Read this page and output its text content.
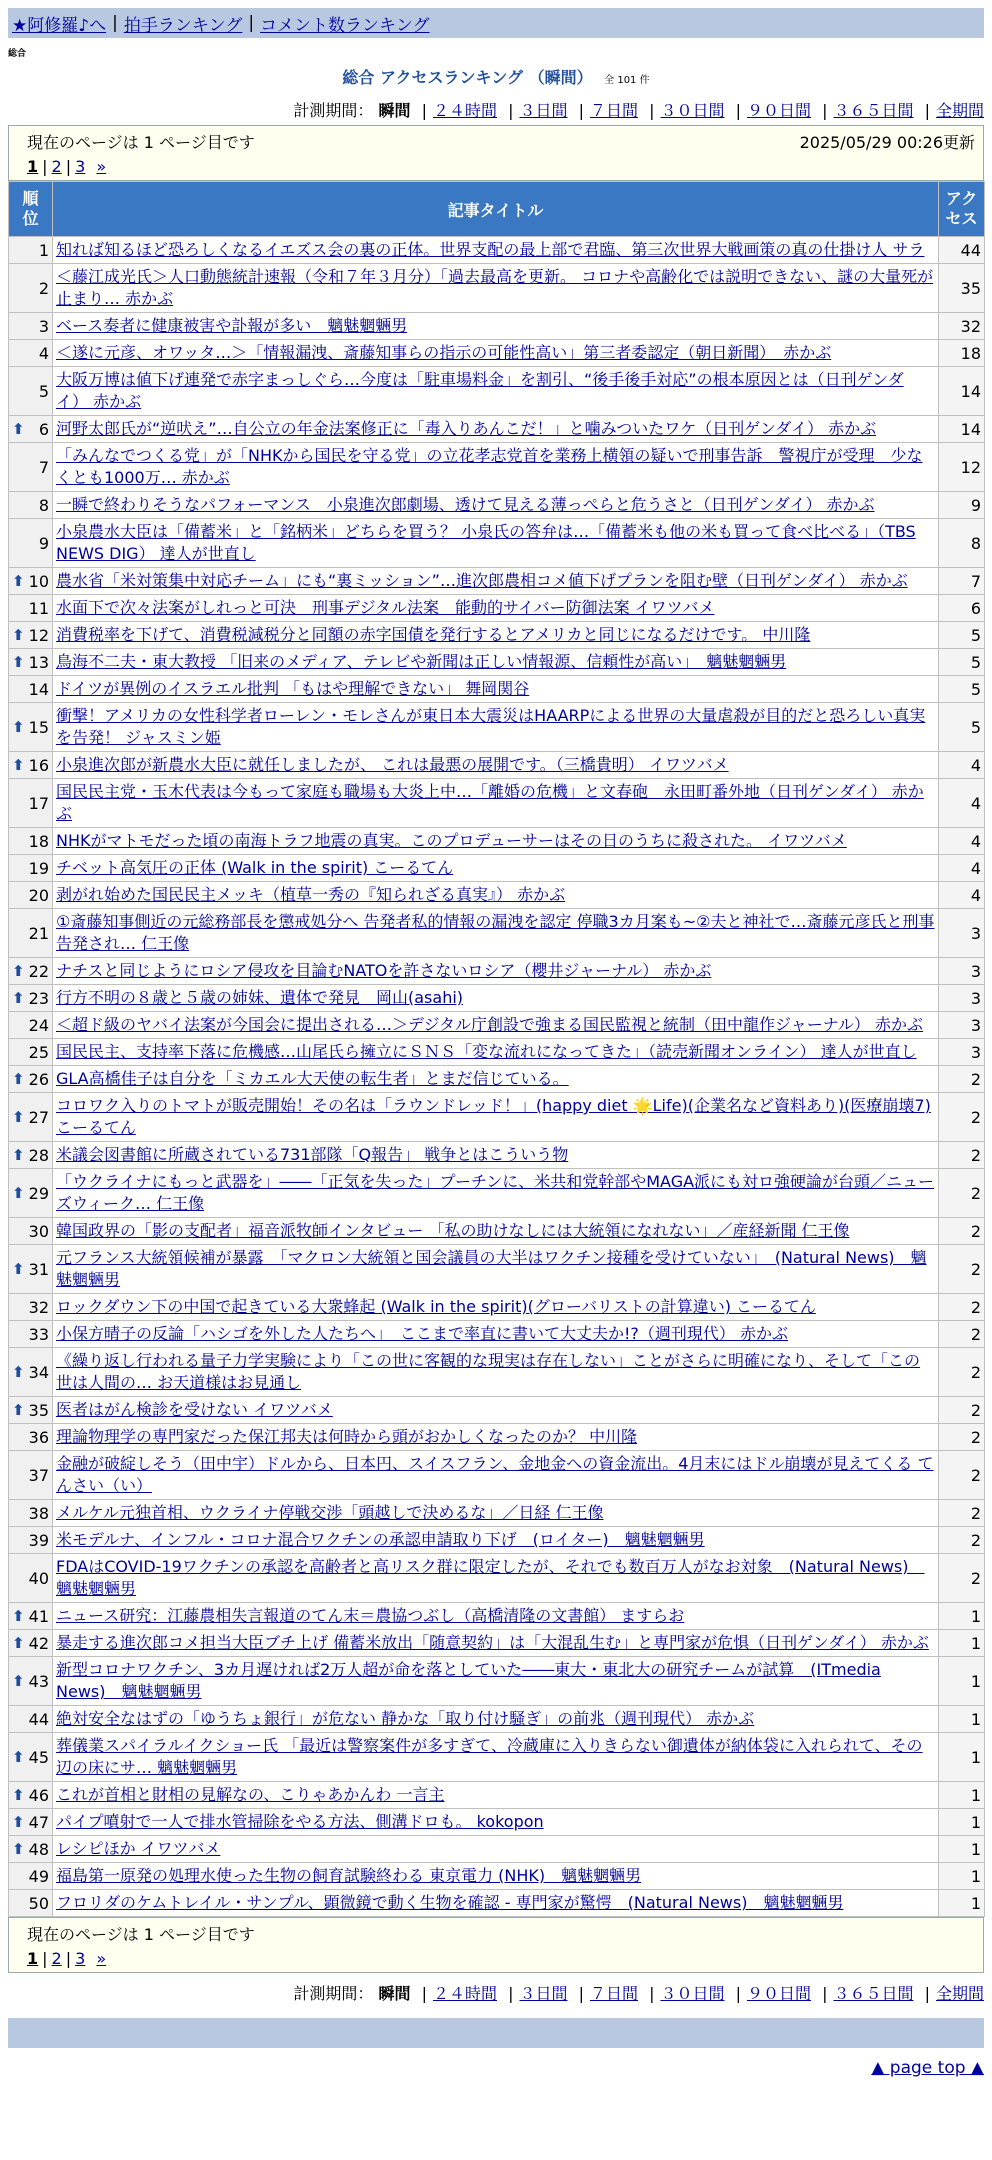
★阿修羅♪へ | 拍手ランキング | コメント数ランキング
総合
総合 アクセスランキング （瞬間） 全 101 件
計測期間： 瞬間 | ２４時間 | ３日間 | ７日間 | ３０日間 | ９０日間 | ３６５日間 | 全期間
現在のページは 1 ページ目です	2025/05/29 00:26更新
1 | 2 | 3 »
順位	記事タイトル	アクセス
1	知れば知るほど恐ろしくなるイエズス会の裏の正体。世界支配の最上部で君臨、第三次世界大戦画策の真の仕掛け人 サラ	44
2	＜藤江成光氏＞人口動態統計速報（令和７年３月分）「過去最高を更新。 コロナや高齢化では説明できない、謎の大量死が止まり… 赤かぶ	35
3	ベース奏者に健康被害や訃報が多い　魑魅魍魎男	32
4	＜遂に元彦、オワッタ…＞「情報漏洩、斎藤知事らの指示の可能性高い」第三者委認定（朝日新聞）　赤かぶ	18
5	大阪万博は値下げ連発で赤字まっしぐら…今度は「駐車場料金」を割引、“後手後手対応”の根本原因とは（日刊ゲンダイ） 赤かぶ	14

⬆ 6	河野太郎氏が“逆吠え”…自公立の年金法案修正に「毒入りあんこだ！」と噛みついたワケ（日刊ゲンダイ） 赤かぶ	14
7	「みんなでつくる党」が「NHKから国民を守る党」の立花孝志党首を業務上横領の疑いで刑事告訴　警視庁が受理　少なくとも1000万… 赤かぶ	12
8	一瞬で終わりそうなパフォーマンス　小泉進次郎劇場、透けて見える薄っぺらと危うさと（日刊ゲンダイ） 赤かぶ	9
9	小泉農水大臣は「備蓄米」と「銘柄米」どちらを買う？ 小泉氏の答弁は…「備蓄米も他の米も買って食べ比べる」（TBS NEWS DIG） 達人が世直し	8

⬆ 10	農水省「米対策集中対応チーム」にも“裏ミッション”…進次郎農相コメ値下げプランを阻む壁（日刊ゲンダイ） 赤かぶ	7
11	水面下で次々法案がしれっと可決　刑事デジタル法案　能動的サイバー防御法案 イワツバメ	6

⬆ 12	消費税率を下げて、消費税減税分と同額の赤字国債を発行するとアメリカと同じになるだけです。 中川隆	5

⬆ 13	鳥海不二夫・東大教授 「旧来のメディア、テレビや新聞は正しい情報源、信頼性が高い」　魑魅魍魎男	5
14	ドイツが異例のイスラエル批判 「もはや理解できない」 舞岡関谷	5

⬆ 15	衝撃！アメリカの女性科学者ローレン・モレさんが東日本大震災はHAARPによる世界の大量虐殺が目的だと恐ろしい真実を告発！ ジャスミン姫	5

⬆ 16	小泉進次郎が新農水大臣に就任しましたが、 これは最悪の展開です。（三橋貴明） イワツバメ	4
17	国民民主党・玉木代表は今もって家庭も職場も大炎上中…「離婚の危機」と文春砲　永田町番外地（日刊ゲンダイ） 赤かぶ	4
18	NHKがマトモだった頃の南海トラフ地震の真実。このプロデューサーはその日のうちに殺された。 イワツバメ	4
19	チベット高気圧の正体 (Walk in the spirit) こーるてん	4
20	剥がれ始めた国民民主メッキ（植草一秀の『知られざる真実』） 赤かぶ	4
21	①斎藤知事側近の元総務部長を懲戒処分へ 告発者私的情報の漏洩を認定 停職3カ月案も~②夫と神社で…斎藤元彦氏と刑事告発され… 仁王像	3

⬆ 22	ナチスと同じようにロシア侵攻を目論むNATOを許さないロシア（櫻井ジャーナル） 赤かぶ	3

⬆ 23	行方不明の８歳と５歳の姉妹、遺体で発見　岡山(asahi)	3
24	＜超ド級のヤバイ法案が今国会に提出される…＞デジタル庁創設で強まる国民監視と統制（田中龍作ジャーナル） 赤かぶ	3
25	国民民主、支持率下落に危機感…山尾氏ら擁立にＳＮＳ「変な流れになってきた」（読売新聞オンライン） 達人が世直し	3

⬆ 26	GLA高橋佳子は自分を「ミカエル大天使の転生者」とまだ信じている。	2

⬆ 27	コロワク入りのトマトが販売開始！その名は「ラウンドレッド！」(happy diet 🌟Life)(企業名など資料あり)(医療崩壊7) こーるてん	2

⬆ 28	米議会図書館に所蔵されている731部隊「Q報告」 戦争とはこういう物	2

⬆ 29	「ウクライナにもっと武器を」――「正気を失った」プーチンに、米共和党幹部やMAGA派にも対ロ強硬論が台頭／ニューズウィーク… 仁王像	2
30	韓国政界の「影の支配者」福音派牧師インタビュー 「私の助けなしには大統領になれない」／産経新聞 仁王像	2

⬆ 31	元フランス大統領候補が暴露　「マクロン大統領と国会議員の大半はワクチン接種を受けていない」　(Natural News)　魑魅魍魎男	2
32	ロックダウン下の中国で起きている大衆蜂起 (Walk in the spirit)(グローバリストの計算違い) こーるてん	2
33	小保方晴子の反論「ハシゴを外した人たちへ」　ここまで率直に書いて大丈夫か!?（週刊現代） 赤かぶ	2

⬆ 34	《繰り返し行われる量子力学実験により「この世に客観的な現実は存在しない」ことがさらに明確になり、そして「この世は人間の… お天道様はお見通し	2

⬆ 35	医者はがん検診を受けない イワツバメ	2
36	理論物理学の専門家だった保江邦夫は何時から頭がおかしくなったのか？ 中川隆	2
37	金融が破綻しそう（田中宇）ドルから、日本円、スイスフラン、金地金への資金流出。4月末にはドル崩壊が見えてくる てんさい（い）	2
38	メルケル元独首相、ウクライナ停戦交渉「頭越しで決めるな」／日経 仁王像	2
39	米モデルナ、インフル・コロナ混合ワクチンの承認申請取り下げ　(ロイター)　魑魅魍魎男	2
40	FDAはCOVID-19ワクチンの承認を高齢者と高リスク群に限定したが、それでも数百万人がなお対象　(Natural News)　魑魅魍魎男	2

⬆ 41	ニュース研究：江藤農相失言報道のてん末＝農協つぶし（高橋清隆の文書館） ますらお	1

⬆ 42	暴走する進次郎コメ担当大臣ブチ上げ 備蓄米放出「随意契約」は「大混乱生む」と専門家が危惧（日刊ゲンダイ） 赤かぶ	1

⬆ 43	新型コロナワクチン、3カ月遅ければ2万人超が命を落としていた――東大・東北大の研究チームが試算　(ITmedia News)　魑魅魍魎男	1
44	絶対安全なはずの「ゆうちょ銀行」が危ない 静かな「取り付け騒ぎ」の前兆（週刊現代） 赤かぶ	1

⬆ 45	葬儀業スパイラルイクショー氏 「最近は警察案件が多すぎて、冷蔵庫に入りきらない御遺体が納体袋に入れられて、その辺の床にサ… 魑魅魍魎男	1

⬆ 46	これが首相と財相の見解なの、こりゃあかんわ 一言主	1

⬆ 47	パイプ噴射で一人で排水管掃除をやる方法、側溝ドロも。 kokopon	1

⬆ 48	レシピほか イワツバメ	1
49	福島第一原発の処理水使った生物の飼育試験終わる 東京電力 (NHK)　魑魅魍魎男	1
50	フロリダのケムトレイル・サンプル、顕微鏡で動く生物を確認 - 専門家が驚愕　(Natural News)　魑魅魍魎男	1
現在のページは 1 ページ目です
1 | 2 | 3 »
計測期間： 瞬間 | ２４時間 | ３日間 | ７日間 | ３０日間 | ９０日間 | ３６５日間 | 全期間
▲ page top ▲
